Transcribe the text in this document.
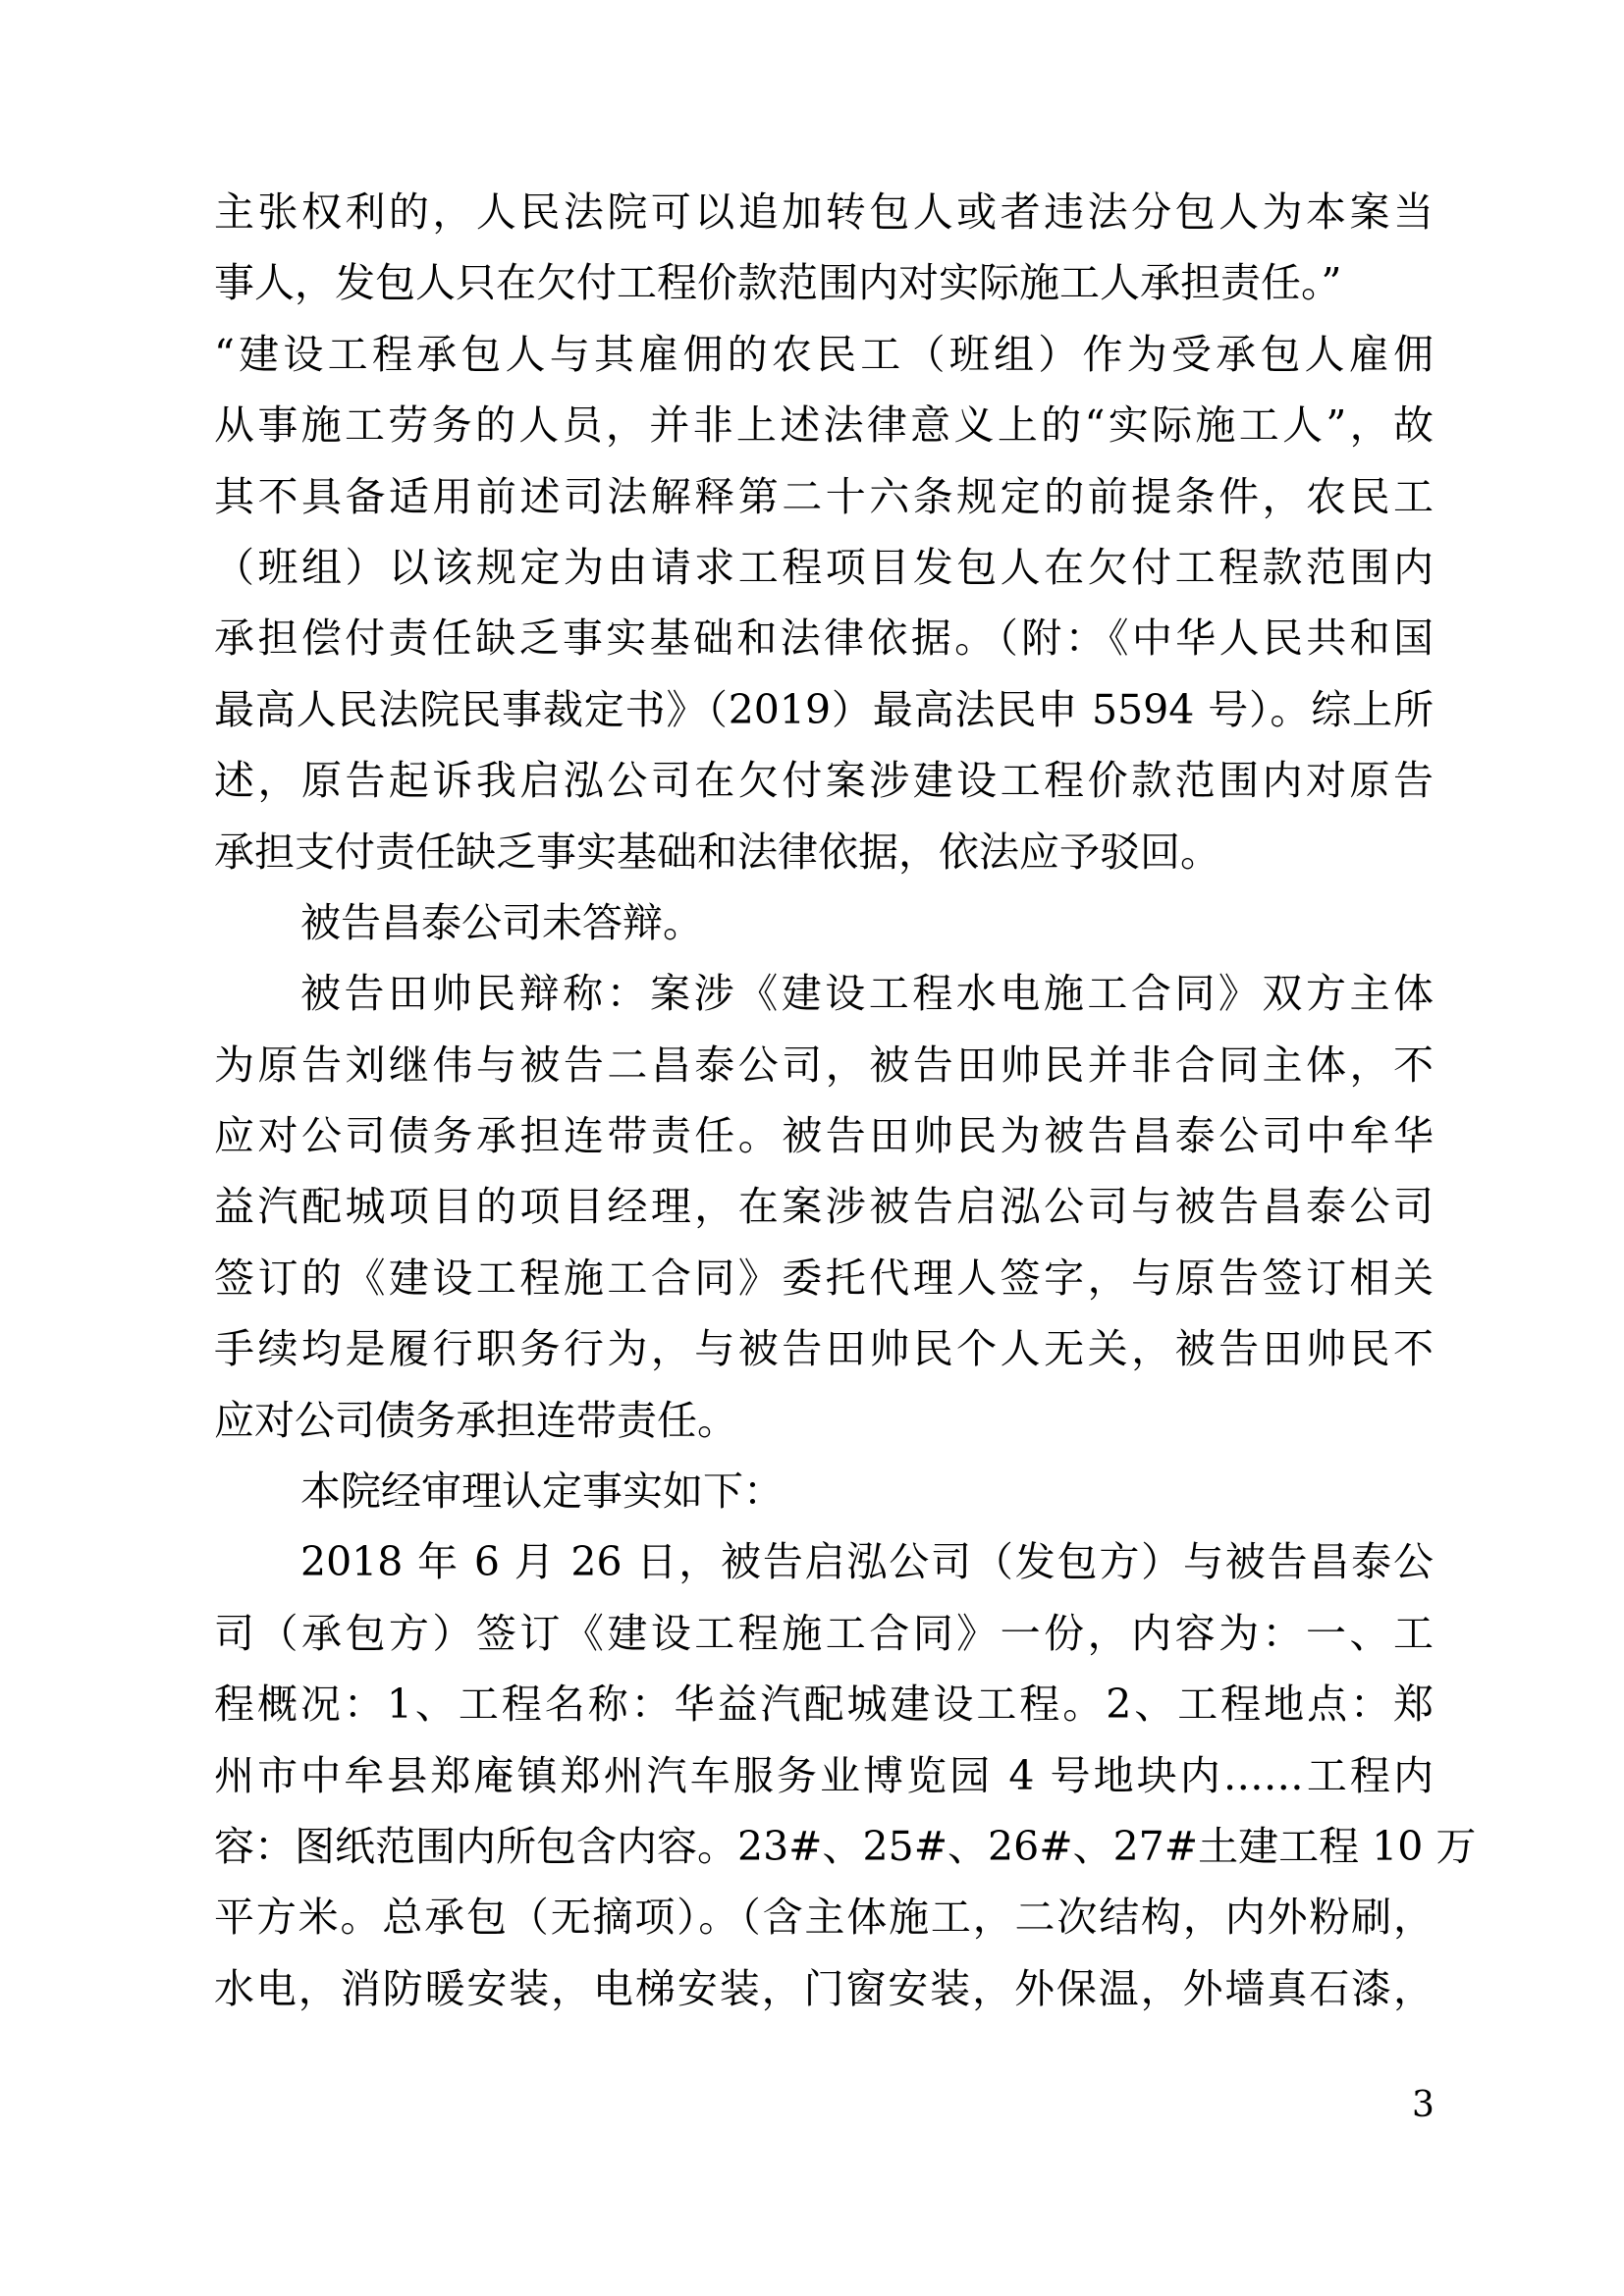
主张权利的，人民法院可以追加转包人或者违法分包人为本案当
事人，发包人只在欠付工程价款范围内对实际施工人承担责任。”
“建设工程承包人与其雇佣的农民工（班组）作为受承包人雇佣
从事施工劳务的人员，并非上述法律意义上的“实际施工人”，故
其不具备适用前述司法解释第二十六条规定的前提条件，农民工
（班组）以该规定为由请求工程项目发包人在欠付工程款范围内
承担偿付责任缺乏事实基础和法律依据。（附：《中华人民共和国
最高人民法院民事裁定书》（2019）最高法民申 5594 号）。综上所
述，原告起诉我启泓公司在欠付案涉建设工程价款范围内对原告
承担支付责任缺乏事实基础和法律依据，依法应予驳回。
被告昌泰公司未答辩。
被告田帅民辩称：案涉《建设工程水电施工合同》双方主体
为原告刘继伟与被告二昌泰公司，被告田帅民并非合同主体，不
应对公司债务承担连带责任。被告田帅民为被告昌泰公司中牟华
益汽配城项目的项目经理，在案涉被告启泓公司与被告昌泰公司
签订的《建设工程施工合同》委托代理人签字，与原告签订相关
手续均是履行职务行为，与被告田帅民个人无关，被告田帅民不
应对公司债务承担连带责任。
本院经审理认定事实如下：
2018 年 6 月 26 日，被告启泓公司（发包方）与被告昌泰公
司（承包方）签订《建设工程施工合同》一份，内容为：一、工
程概况：1、工程名称：华益汽配城建设工程。2、工程地点：郑
州市中牟县郑庵镇郑州汽车服务业博览园 4 号地块内……工程内
容：图纸范围内所包含内容。23#、25#、26#、27#土建工程 10 万
平方米。总承包（无摘项）。（含主体施工，二次结构，内外粉刷，
水电，消防暖安装，电梯安装，门窗安装，外保温，外墙真石漆，
3
